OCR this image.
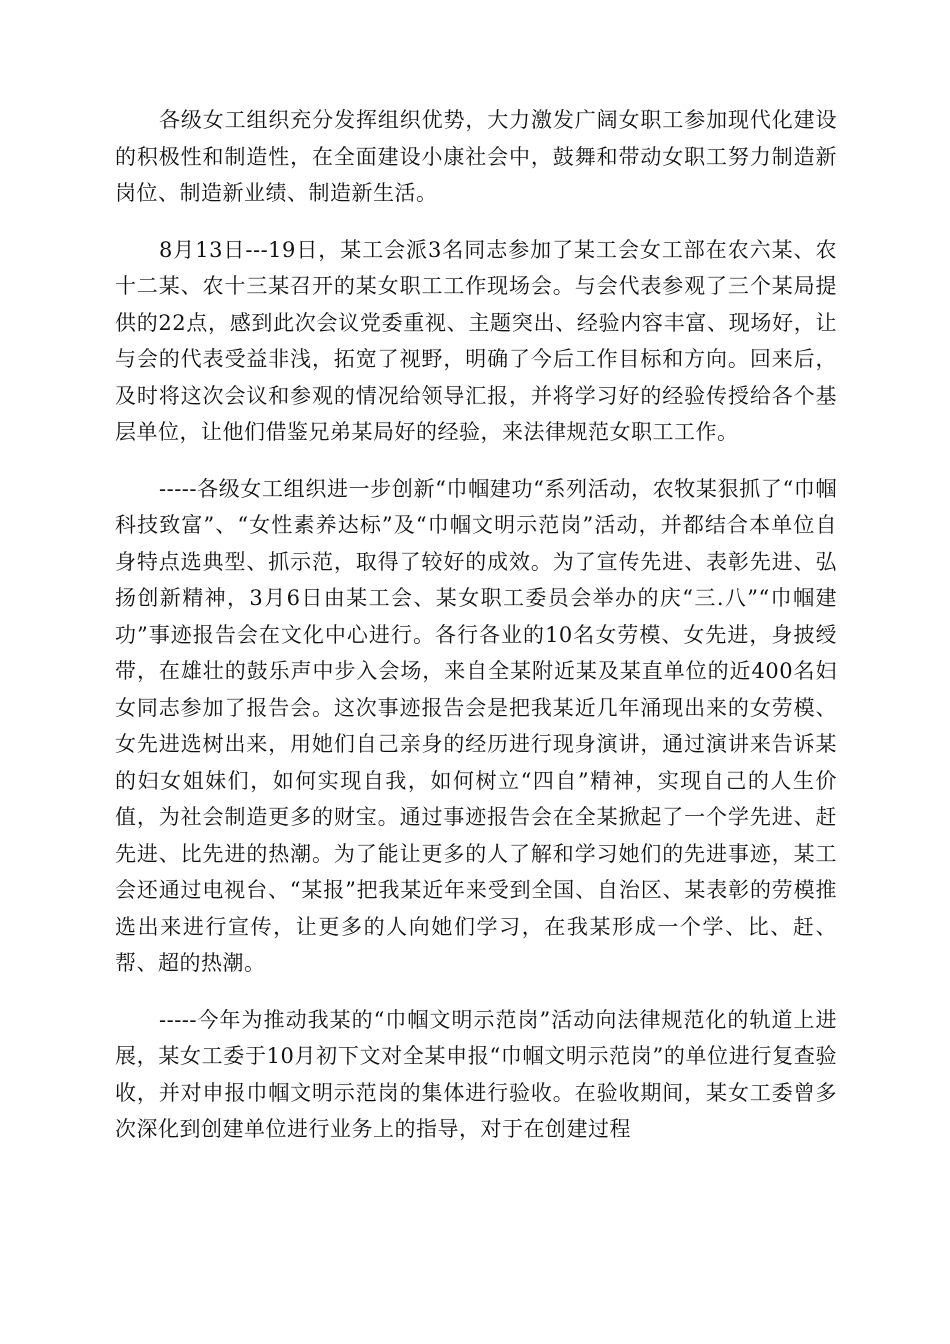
各级女工组织充分发挥组织优势，大力激发广阔女职工参加现代化建设的积极性和制造性，在全面建设小康社会中，鼓舞和带动女职工努力制造新岗位、制造新业绩、制造新生活。

8月13日---19日，某工会派3名同志参加了某工会女工部在农六某、农十二某、农十三某召开的某女职工工作现场会。与会代表参观了三个某局提供的22点，感到此次会议党委重视、主题突出、经验内容丰富、现场好，让与会的代表受益非浅，拓宽了视野，明确了今后工作目标和方向。回来后，及时将这次会议和参观的情况给领导汇报，并将学习好的经验传授给各个基层单位，让他们借鉴兄弟某局好的经验，来法律规范女职工工作。

-----各级女工组织进一步创新“巾帼建功“系列活动，农牧某狠抓了“巾帼科技致富”、“女性素养达标”及“巾帼文明示范岗”活动，并都结合本单位自身特点选典型、抓示范，取得了较好的成效。为了宣传先进、表彰先进、弘扬创新精神，3月6日由某工会、某女职工委员会举办的庆“三.八”“巾帼建功”事迹报告会在文化中心进行。各行各业的10名女劳模、女先进，身披绶带，在雄壮的鼓乐声中步入会场，来自全某附近某及某直单位的近400名妇女同志参加了报告会。这次事迹报告会是把我某近几年涌现出来的女劳模、女先进选树出来，用她们自己亲身的经历进行现身演讲，通过演讲来告诉某的妇女姐妹们，如何实现自我，如何树立“四自”精神，实现自己的人生价值，为社会制造更多的财宝。通过事迹报告会在全某掀起了一个学先进、赶先进、比先进的热潮。为了能让更多的人了解和学习她们的先进事迹，某工会还通过电视台、“某报”把我某近年来受到全国、自治区、某表彰的劳模推选出来进行宣传，让更多的人向她们学习，在我某形成一个学、比、赶、帮、超的热潮。

-----今年为推动我某的“巾帼文明示范岗”活动向法律规范化的轨道上进展，某女工委于10月初下文对全某申报“巾帼文明示范岗”的单位进行复查验收，并对申报巾帼文明示范岗的集体进行验收。在验收期间，某女工委曾多次深化到创建单位进行业务上的指导，对于在创建过程
